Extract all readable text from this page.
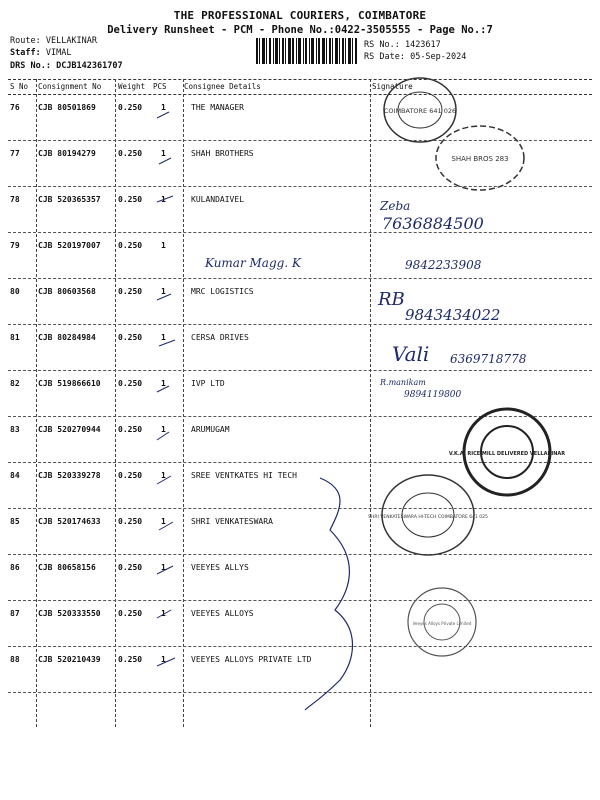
THE PROFESSIONAL COURIERS, COIMBATORE
Delivery Runsheet - PCM - Phone No.:0422-3505555 - Page No.:7
Route: VELLAKINAR
Staff: VIMAL
DRS No.: DCJB142361707
RS No.: 1423617
RS Date: 05-Sep-2024
S No Consignment No Weight PCS Consignee Details	Signature
76 CJB 80501869	0.250 1	THE MANAGER
77 CJB 80194279	0.250 1	SHAH BROTHERS
78 CJB 520365357 0.250 1	KULANDAIVEL
79 CJB 520197007 0.250 1
80 CJB 80603568	0.250 1	MRC LOGISTICS
81 CJB 80284984	0.250 1	CERSA DRIVES
82 CJB 519866610 0.250 1	IVP LTD
83 CJB 520270944 0.250 1	ARUMUGAM
84 CJB 520339278 0.250 1	SREE VENTKATES HI TECH
85 CJB 520174633 0.250 1	SHRI VENKATESWARA
86 CJB 80658156	0.250 1	VEEYES ALLYS
87 CJB 520333550 0.250 1	VEEYES ALLOYS
88 CJB 520210439 0.250 1	VEEYES ALLOYS PRIVATE LTD
Zeba
7636884500
Kumar Magg. K	9842233908
RB
9843434022
Vali 6369718778
R.manikam
9894119800
COIMBATORE 641 026
SHAH BROS 283
V.K.A. RICE MILL DELIVERED VELLAKINAR
SHRI VENKATESWARA HI-TECH COIMBATORE 641 025
Veeyes Alloys Private Limited
